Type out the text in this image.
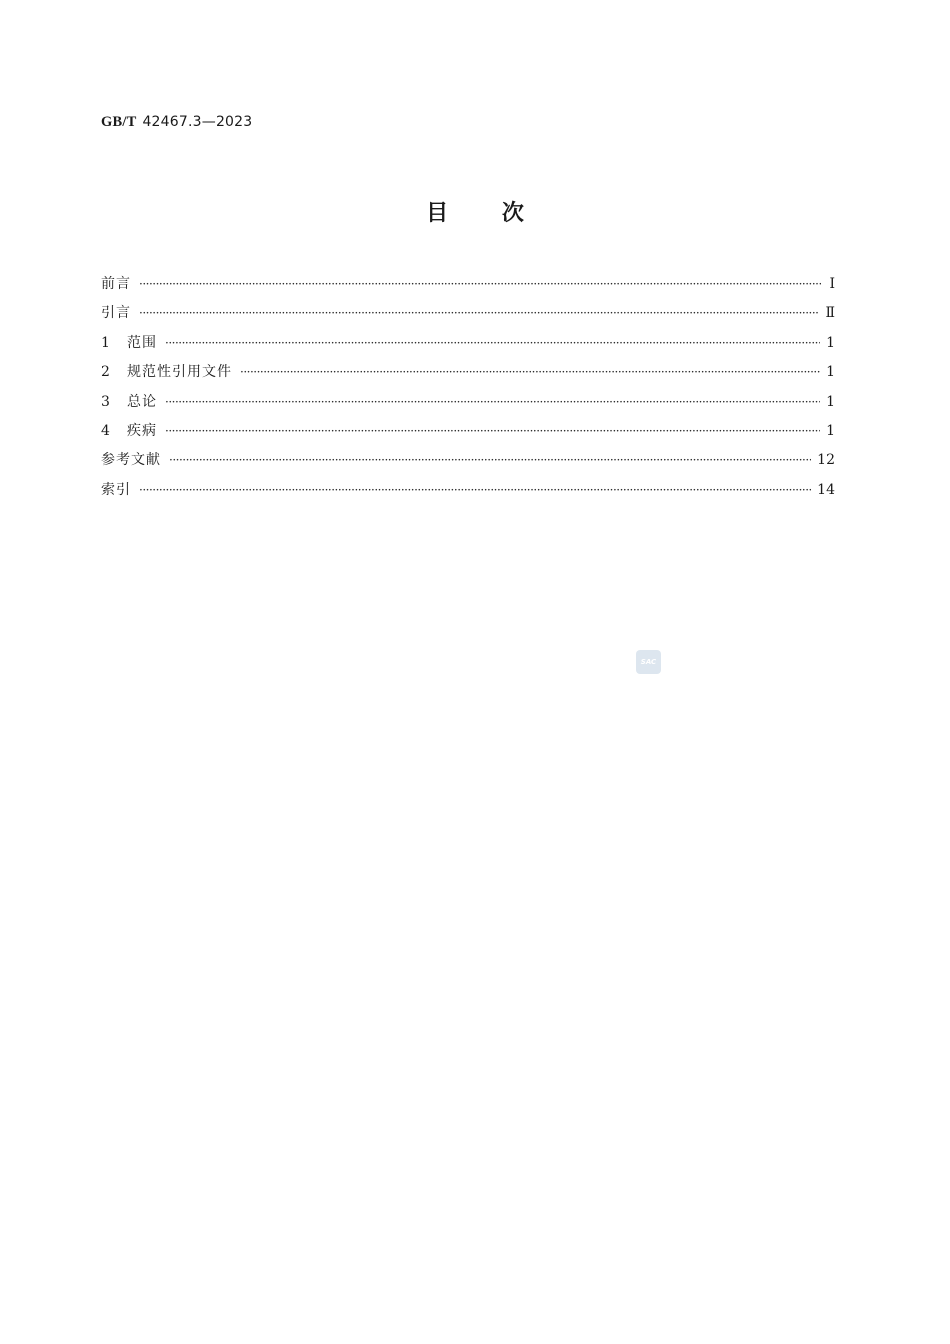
GB/T 42467.3—2023
目 次
前言 ·····	Ⅰ
引言 ·····	Ⅱ
1	范围 ·····	1
2	规范性引用文件 ·····	1
3	总论 ·····	1
4	疾病 ·····	1
参考文献 ·····	12
索引 ·····	14
SAC
